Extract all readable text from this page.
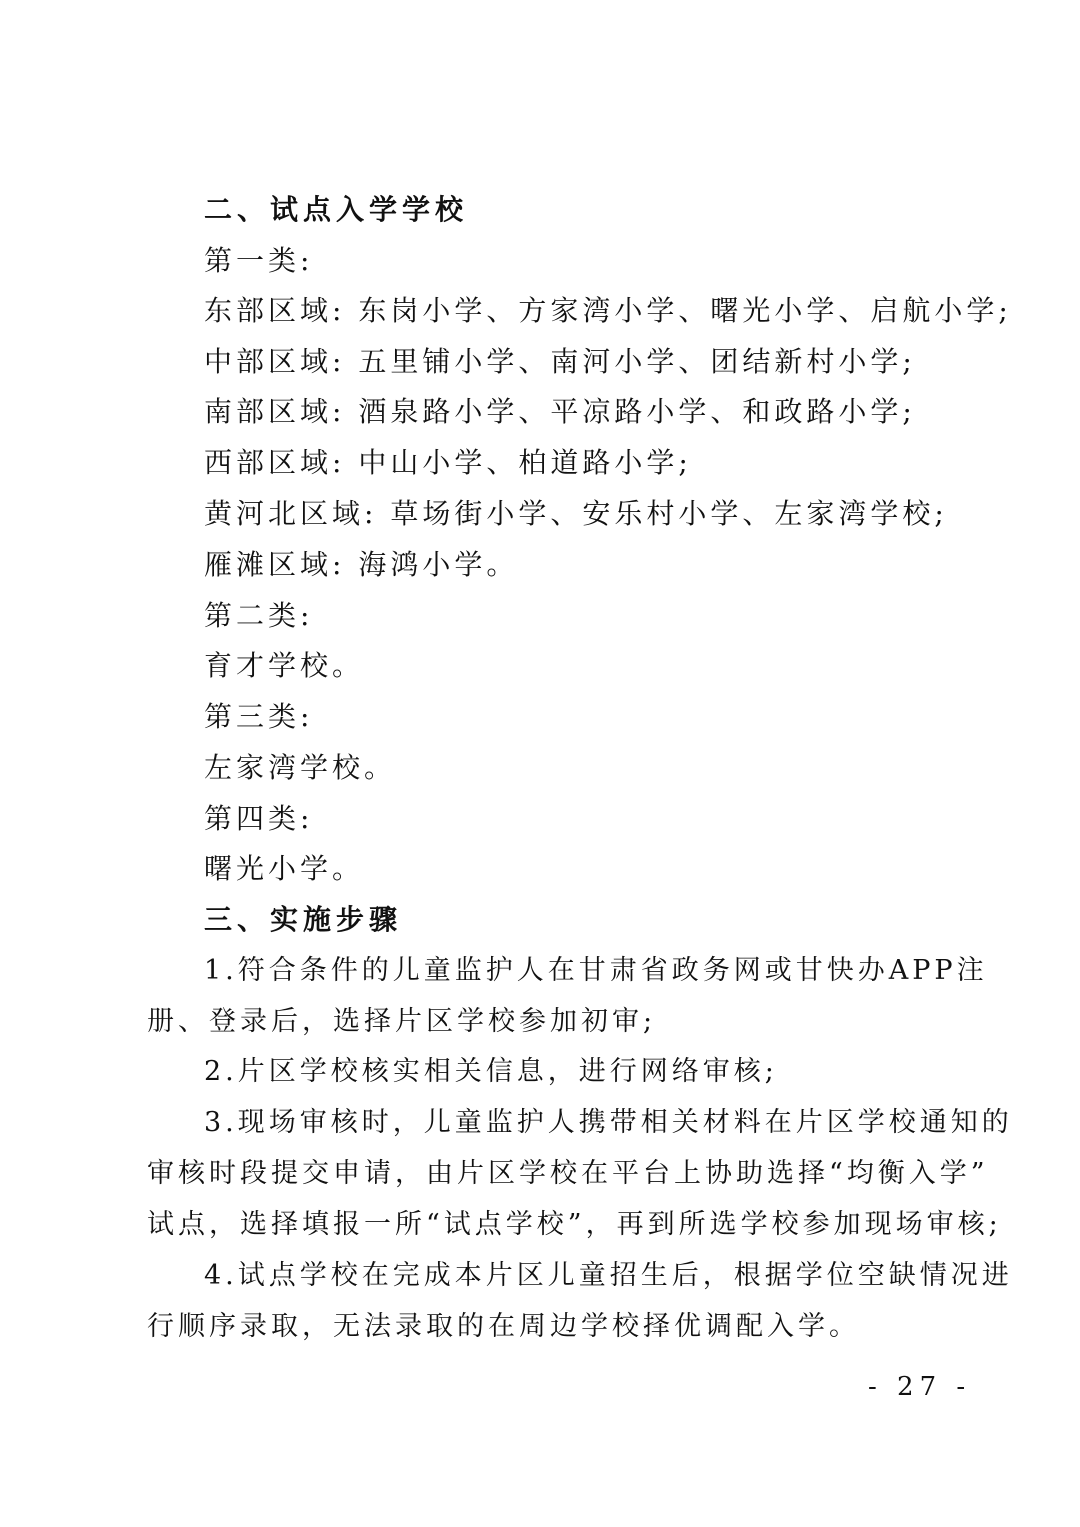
二、试点入学学校
第一类:
东部区域: 东岗小学、方家湾小学、曙光小学、启航小学;
中部区域: 五里铺小学、南河小学、团结新村小学;
南部区域: 酒泉路小学、平凉路小学、和政路小学;
西部区域: 中山小学、柏道路小学;
黄河北区域: 草场街小学、安乐村小学、左家湾学校;
雁滩区域: 海鸿小学。
第二类:
育才学校。
第三类:
左家湾学校。
第四类:
曙光小学。
三、实施步骤
1.符合条件的儿童监护人在甘肃省政务网或甘快办APP注
册、登录后，选择片区学校参加初审;
2.片区学校核实相关信息，进行网络审核;
3.现场审核时，儿童监护人携带相关材料在片区学校通知的
审核时段提交申请，由片区学校在平台上协助选择“均衡入学”
试点，选择填报一所“试点学校”，再到所选学校参加现场审核;
4.试点学校在完成本片区儿童招生后，根据学位空缺情况进
行顺序录取，无法录取的在周边学校择优调配入学。
- 27 -
